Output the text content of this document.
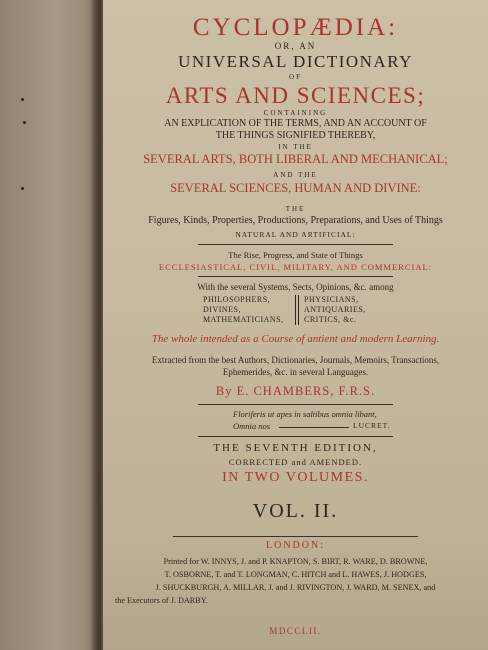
CYCLOPÆDIA:
OR, AN
UNIVERSAL DICTIONARY
OF
ARTS AND SCIENCES;
CONTAINING
AN EXPLICATION OF THE TERMS, AND AN ACCOUNT OF
THE THINGS SIGNIFIED THEREBY,
IN THE
SEVERAL ARTS, BOTH LIBERAL AND MECHANICAL;
AND THE
SEVERAL SCIENCES, HUMAN AND DIVINE:
THE
Figures, Kinds, Properties, Productions, Preparations, and Uses of Things
NATURAL AND ARTIFICIAL:
The Rise, Progress, and State of Things
ECCLESIASTICAL, CIVIL, MILITARY, AND COMMERCIAL:
With the several Systems, Sects, Opinions, &c. among
PHILOSOPHERS,
DIVINES,
MATHEMATICIANS,
PHYSICIANS,
ANTIQUARIES,
CRITICS, &c.
The whole intended as a Course of antient and modern Learning.
Extracted from the best Authors, Dictionaries, Journals, Memoirs, Transactions,
Ephemerides, &c. in several Languages.
By E. CHAMBERS, F.R.S.
Floriferis ut apes in saltibus omnia libant,
Omnia nos	LUCRET.
THE SEVENTH EDITION,
CORRECTED and AMENDED.
IN TWO VOLUMES.
VOL. II.
LONDON:
Printed for W. INNYS, J. and P. KNAPTON, S. BIRT, R. WARE, D. BROWNE,
T. OSBORNE, T. and T. LONGMAN, C. HITCH and L. HAWES, J. HODGES,
J. SHUCKBURGH, A. MILLAR, J. and J. RIVINGTON, J. WARD, M. SENEX, and
the Executors of J. DARBY.
MDCCLII.
